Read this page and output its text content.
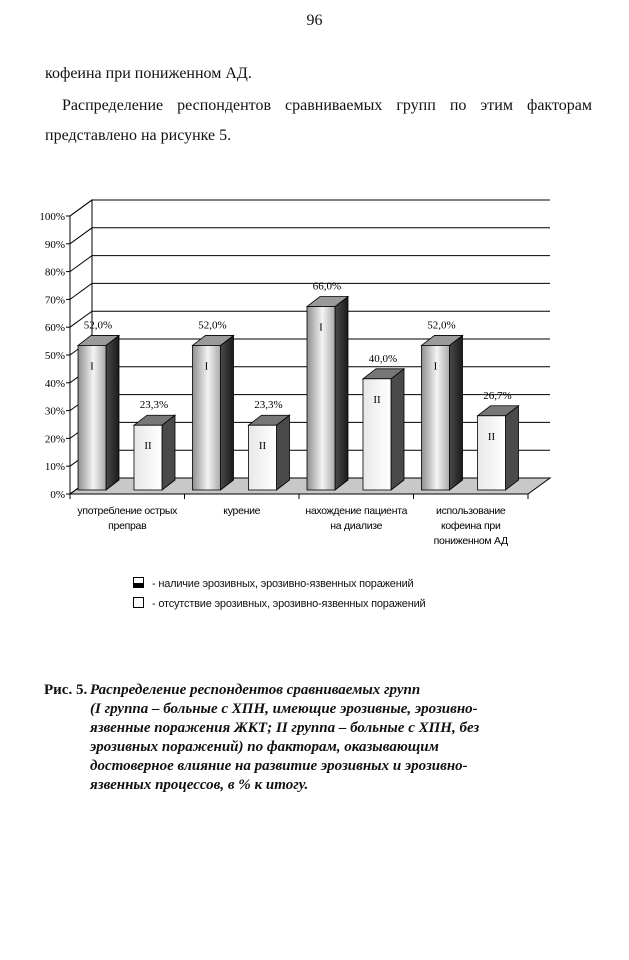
96
кофеина при пониженном АД.
Распределение респондентов сравниваемых групп по этим факторам
представлено на рисунке 5.
0%
10%
20%
30%
40%
50%
60%
70%
80%
90%
100%
I
52,0%
II
23,3%
употребление острых
преправ
I
52,0%
II
23,3%
курение
I
66,0%
II
40,0%
нахождение пациента
на диализе
I
52,0%
II
26,7%
использование
кофеина при
пониженном АД
- наличие эрозивных, эрозивно-язвенных поражений
- отсутствие эрозивных, эрозивно-язвенных поражений
Рис. 5. Распределение респондентов сравниваемых групп
(I группа – больные с ХПН, имеющие эрозивные, эрозивно-
язвенные поражения ЖКТ; II группа – больные с ХПН, без
эрозивных поражений) по факторам, оказывающим
достоверное влияние на развитие эрозивных и эрозивно-
язвенных процессов, в % к итогу.
